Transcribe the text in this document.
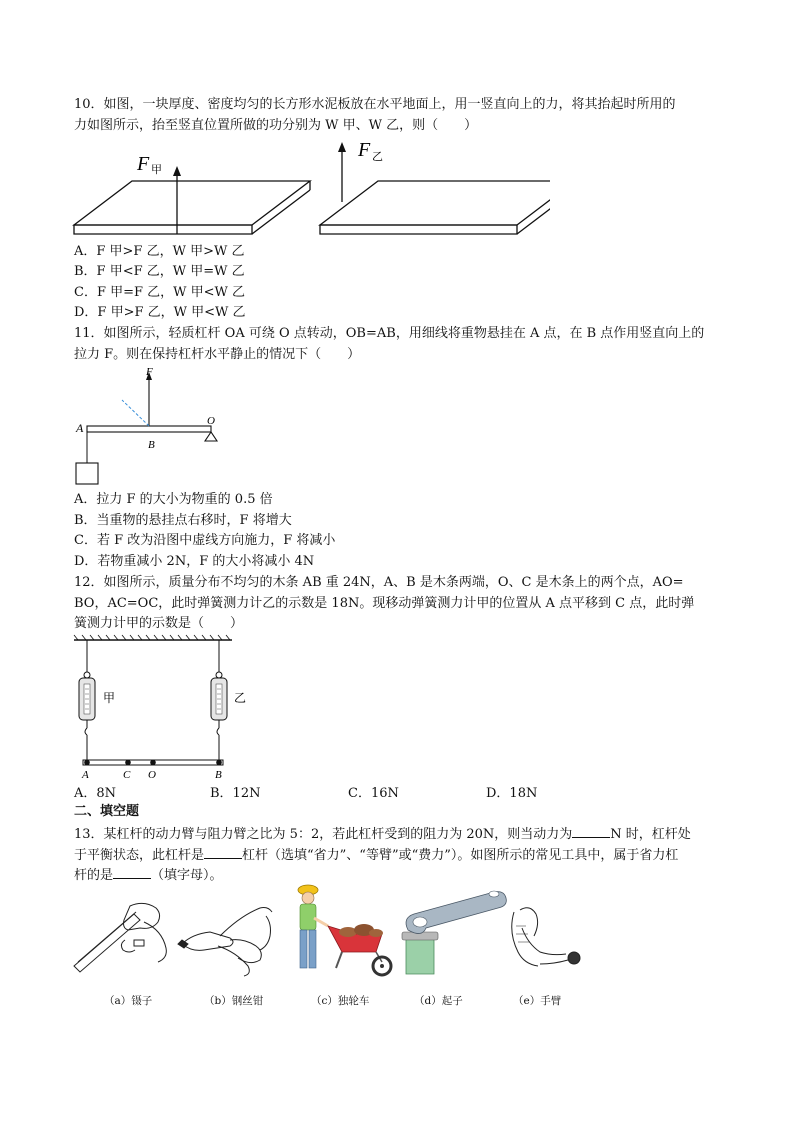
10．如图，一块厚度、密度均匀的长方形水泥板放在水平地面上，用一竖直向上的力，将其抬起时所用的
力如图所示，抬至竖直位置所做的功分别为 W 甲、W 乙，则（　　）
F 甲
F 乙
A．F 甲>F 乙，W 甲>W 乙
B．F 甲<F 乙，W 甲=W 乙
C．F 甲=F 乙，W 甲<W 乙
D．F 甲>F 乙，W 甲<W 乙
11．如图所示，轻质杠杆 OA 可绕 O 点转动，OB=AB，用细线将重物悬挂在 A 点，在 B 点作用竖直向上的
拉力 F。则在保持杠杆水平静止的情况下（　　）
F
A
B
O
A．拉力 F 的大小为物重的 0.5 倍
B．当重物的悬挂点右移时，F 将增大
C．若 F 改为沿图中虚线方向施力，F 将减小
D．若物重减小 2N，F 的大小将减小 4N
12．如图所示，质量分布不均匀的木条 AB 重 24N，A、B 是木条两端，O、C 是木条上的两个点，AO=
BO，AC=OC，此时弹簧测力计乙的示数是 18N。现移动弹簧测力计甲的位置从 A 点平移到 C 点，此时弹
簧测力计甲的示数是（　　）
甲	乙
A	C O	B
A．8N	B．12N	C．16N	D．18N
二、填空题
13．某杠杆的动力臂与阻力臂之比为 5：2，若此杠杆受到的阻力为 20N，则当动力为	N 时，杠杆处
于平衡状态，此杠杆是	杠杆（选填“省力”、“等臂”或“费力”）。如图所示的常见工具中，属于省力杠
杆的是	（填字母）。
（a）镊子	（b）钢丝钳	（c）独轮车	（d）起子	（e）手臂
